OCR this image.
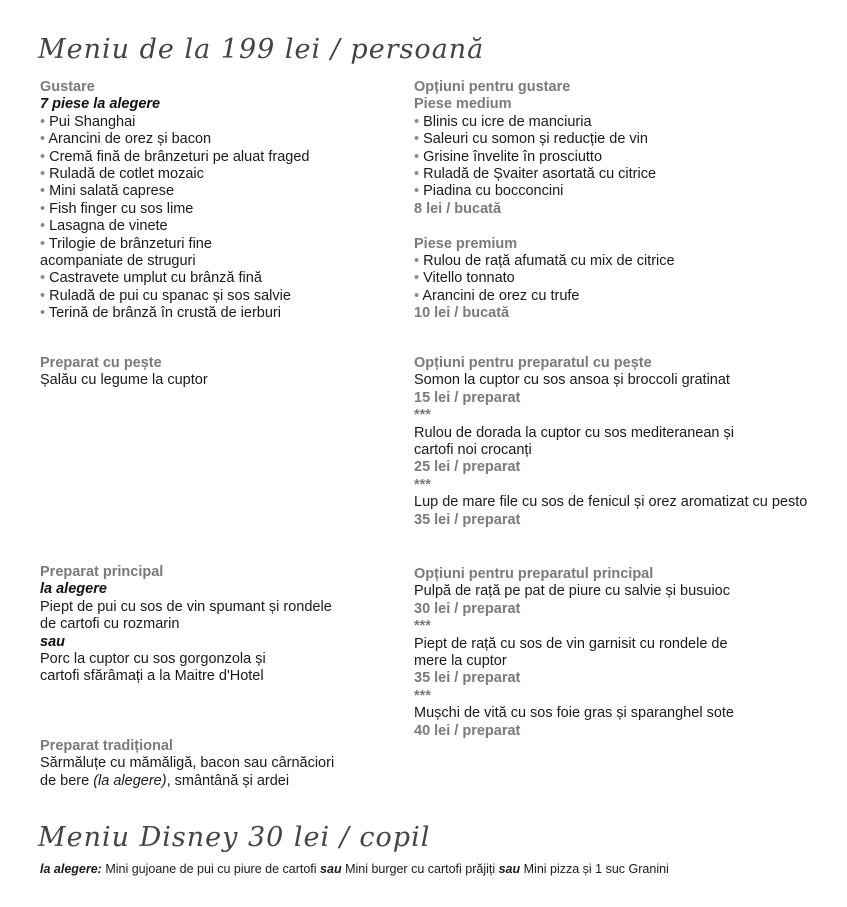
Meniu de la 199 lei / persoană
Gustare
7 piese la alegere
• Pui Shanghai
• Arancini de orez și bacon
• Cremă fină de brânzeturi pe aluat fraged
• Ruladă de cotlet mozaic
• Mini salată caprese
• Fish finger cu sos lime
• Lasagna de vinete
• Trilogie de brânzeturi fine
acompaniate de struguri
• Castravete umplut cu brânză fină
• Ruladă de pui cu spanac și sos salvie
• Terină de brânză în crustă de ierburi
Opțiuni pentru gustare
Piese medium
• Blinis cu icre de manciuria
• Saleuri cu somon și reducție de vin
• Grisine învelite în prosciutto
• Ruladă de Șvaiter asortată cu citrice
• Piadina cu bocconcini
8 lei / bucată
Piese premium
• Rulou de rață afumată cu mix de citrice
• Vitello tonnato
• Arancini de orez cu trufe
10 lei / bucată
Preparat cu pește
Șalău cu legume la cuptor
Opțiuni pentru preparatul cu pește
Somon la cuptor cu sos ansoa și broccoli gratinat
15 lei / preparat
***
Rulou de dorada la cuptor cu sos mediteranean și
cartofi noi crocanți
25 lei / preparat
***
Lup de mare file cu sos de fenicul și orez aromatizat cu pesto
35 lei / preparat
Preparat principal
la alegere
Piept de pui cu sos de vin spumant și rondele
de cartofi cu rozmarin
sau
Porc la cuptor cu sos gorgonzola și
cartofi sfărâmați a la Maitre d'Hotel
Opțiuni pentru preparatul principal
Pulpă de rață pe pat de piure cu salvie și busuioc
30 lei / preparat
***
Piept de rață cu sos de vin garnisit cu rondele de
mere la cuptor
35 lei / preparat
***
Mușchi de vită cu sos foie gras și sparanghel sote
40 lei / preparat
Preparat tradițional
Sărmăluțe cu mămăligă, bacon sau cârnăciori
de bere (la alegere), smântână și ardei
Meniu Disney 30 lei / copil
la alegere: Mini gujoane de pui cu piure de cartofi sau Mini burger cu cartofi prăjiți sau Mini pizza și 1 suc Granini
